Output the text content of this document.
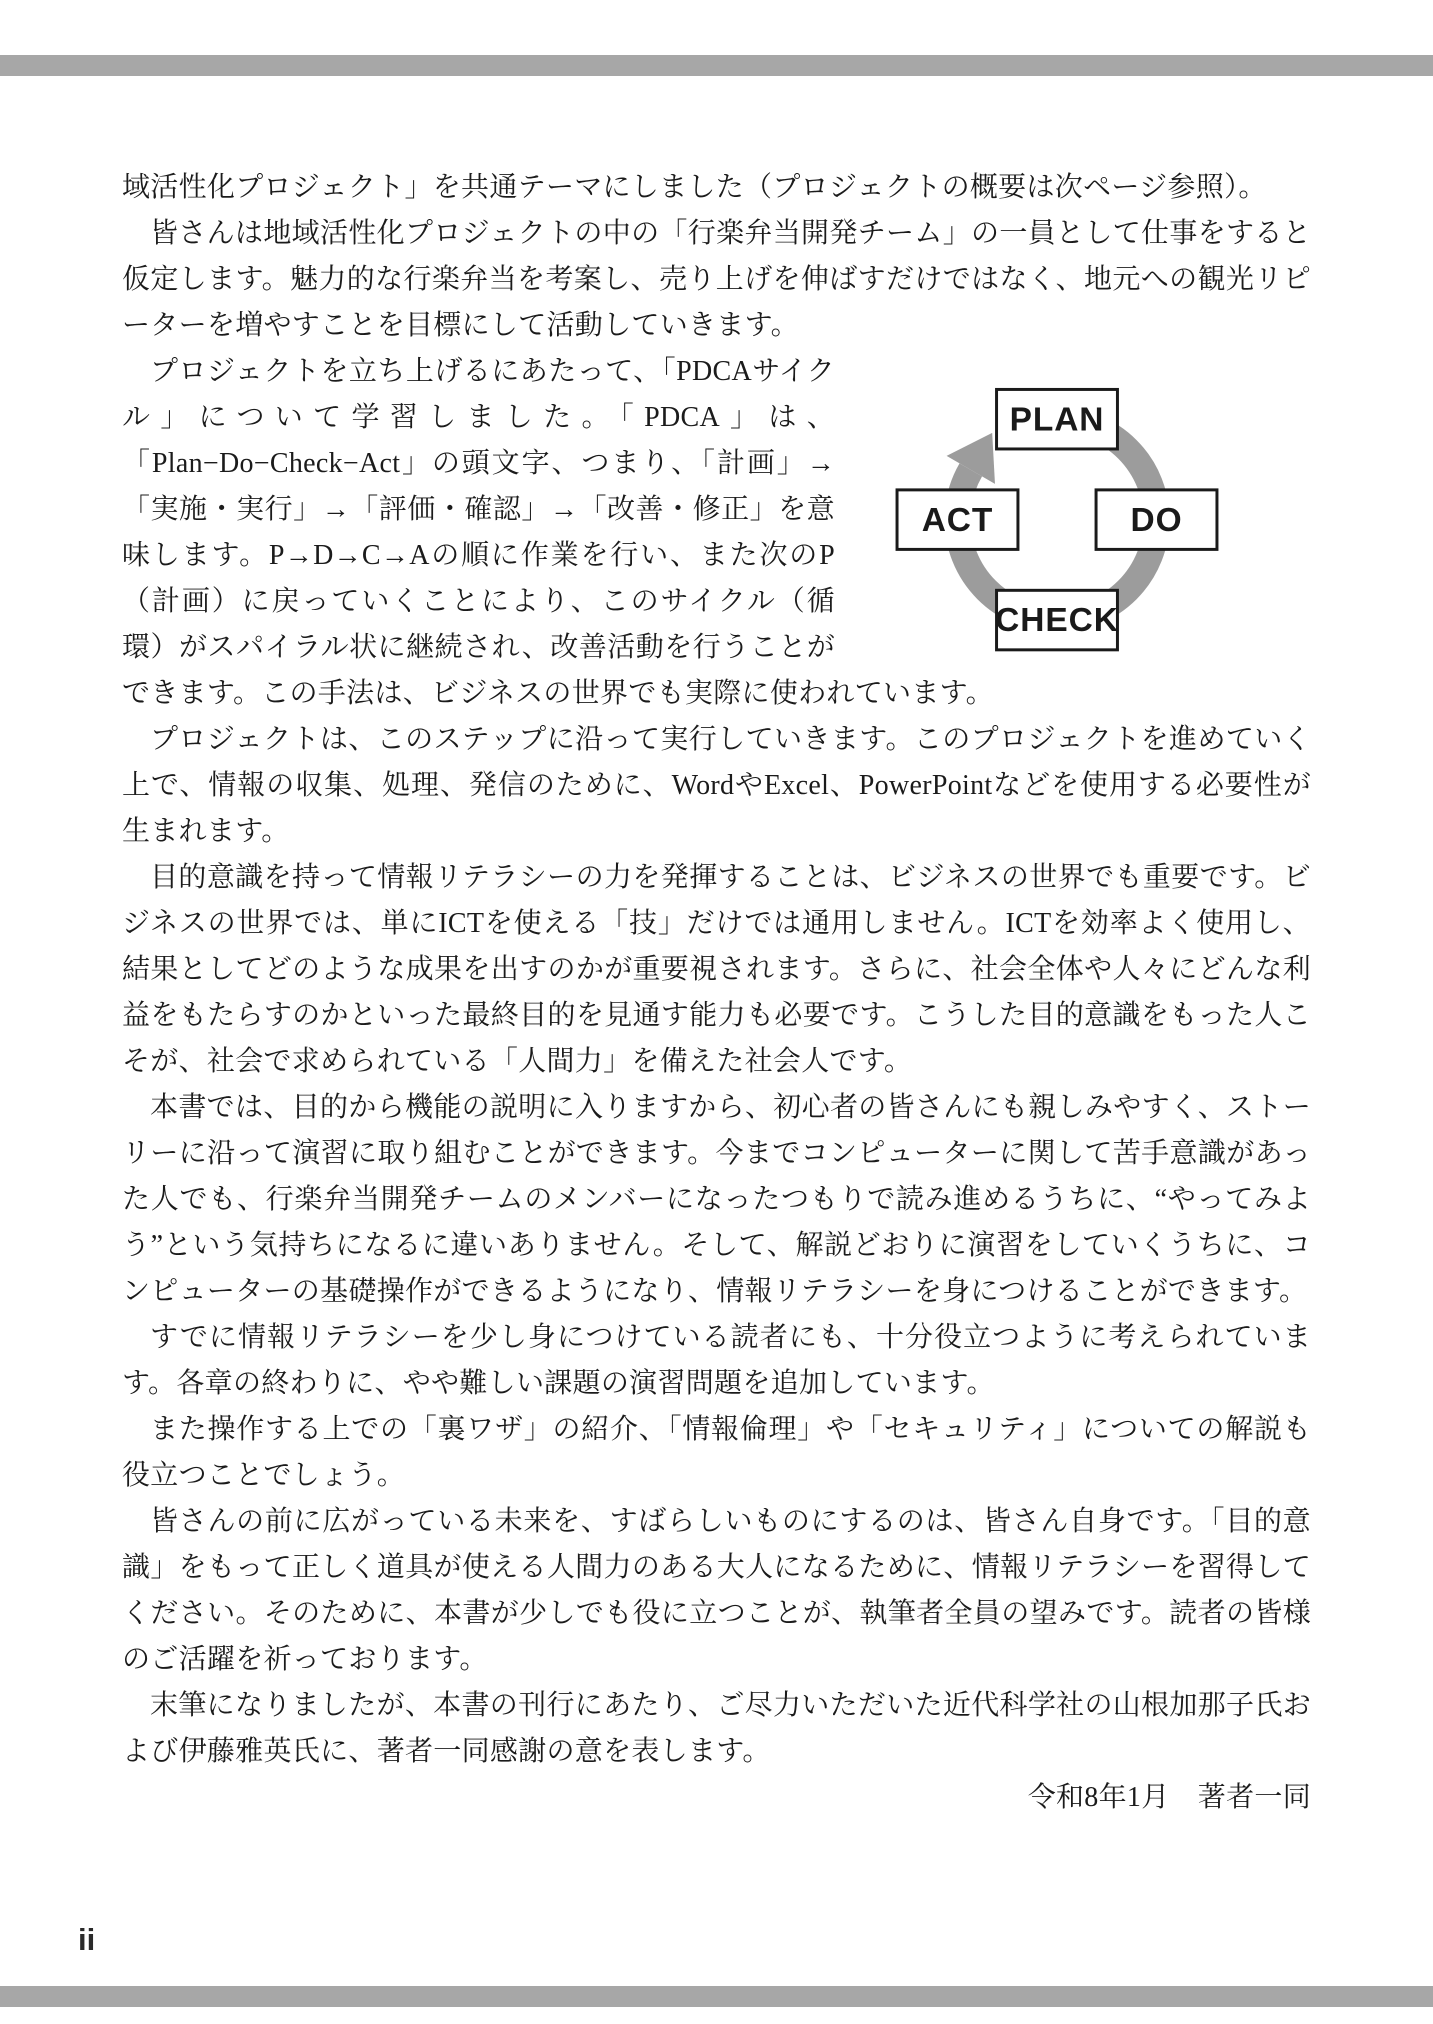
域活性化プロジェクト」を共通テーマにしました（プロジェクトの概要は次ページ参照）。
皆さんは地域活性化プロジェクトの中の「行楽弁当開発チーム」の一員として仕事をすると仮定します。魅力的な行楽弁当を考案し、売り上げを伸ばすだけではなく、地元への観光リピーターを増やすことを目標にして活動していきます。
PLAN
DO
CHECK
ACT
プロジェクトを立ち上げるにあたって、「PDCAサイクル」について学習しました。「PDCA」は、「Plan−Do−Check−Act」の頭文字、つまり、「計画」→「実施・実行」→「評価・確認」→「改善・修正」を意味します。P→D→C→Aの順に作業を行い、また次のP（計画）に戻っていくことにより、このサイクル（循環）がスパイラル状に継続され、改善活動を行うことができます。この手法は、ビジネスの世界でも実際に使われています。
プロジェクトは、このステップに沿って実行していきます。このプロジェクトを進めていく上で、情報の収集、処理、発信のために、WordやExcel、PowerPointなどを使用する必要性が生まれます。
目的意識を持って情報リテラシーの力を発揮することは、ビジネスの世界でも重要です。ビジネスの世界では、単にICTを使える「技」だけでは通用しません。ICTを効率よく使用し、結果としてどのような成果を出すのかが重要視されます。さらに、社会全体や人々にどんな利益をもたらすのかといった最終目的を見通す能力も必要です。こうした目的意識をもった人こそが、社会で求められている「人間力」を備えた社会人です。
本書では、目的から機能の説明に入りますから、初心者の皆さんにも親しみやすく、ストーリーに沿って演習に取り組むことができます。今までコンピューターに関して苦手意識があった人でも、行楽弁当開発チームのメンバーになったつもりで読み進めるうちに、“やってみよう”という気持ちになるに違いありません。そして、解説どおりに演習をしていくうちに、コンピューターの基礎操作ができるようになり、情報リテラシーを身につけることができます。
すでに情報リテラシーを少し身につけている読者にも、十分役立つように考えられています。各章の終わりに、やや難しい課題の演習問題を追加しています。
また操作する上での「裏ワザ」の紹介、「情報倫理」や「セキュリティ」についての解説も役立つことでしょう。
皆さんの前に広がっている未来を、すばらしいものにするのは、皆さん自身です。「目的意識」をもって正しく道具が使える人間力のある大人になるために、情報リテラシーを習得してください。そのために、本書が少しでも役に立つことが、執筆者全員の望みです。読者の皆様のご活躍を祈っております。
末筆になりましたが、本書の刊行にあたり、ご尽力いただいた近代科学社の山根加那子氏および伊藤雅英氏に、著者一同感謝の意を表します。
令和8年1月　著者一同
ii
